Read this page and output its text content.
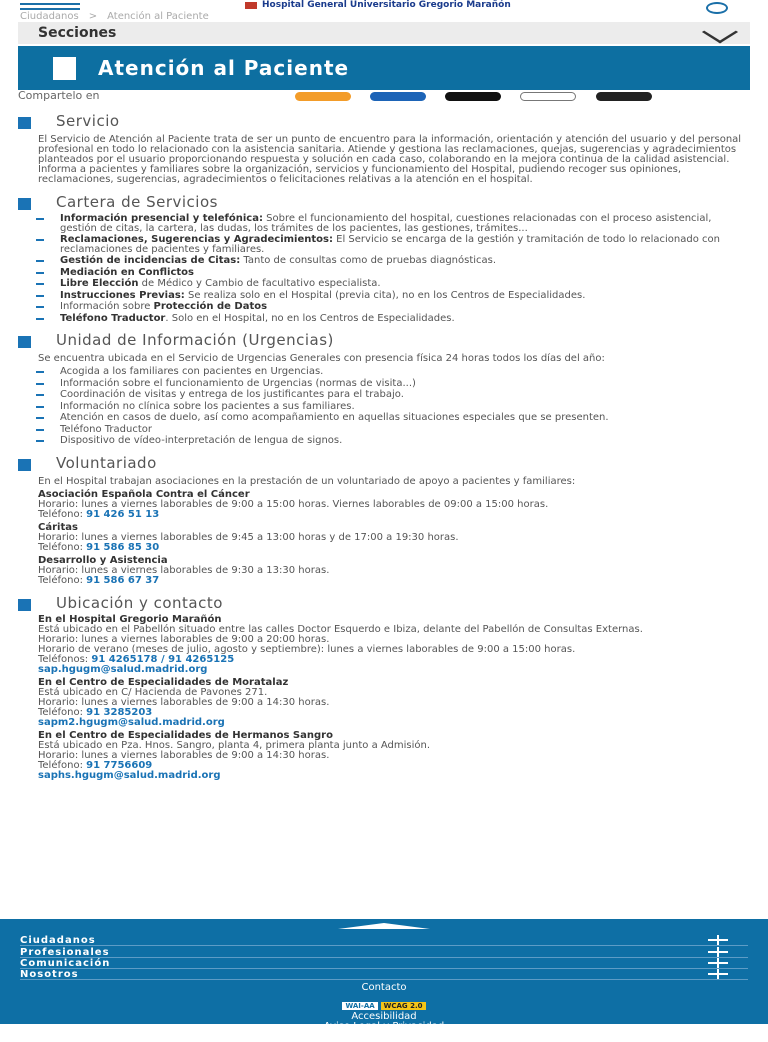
Hospital General Universitario Gregorio Marañón
Ciudadanos > Atención al Paciente
Secciones
Atención al Paciente
Compartelo en
Servicio
El Servicio de Atención al Paciente trata de ser un punto de encuentro para la información, orientación y atención del usuario y del personal profesional en todo lo relacionado con la asistencia sanitaria. Atiende y gestiona las reclamaciones, quejas, sugerencias y agradecimientos planteados por el usuario proporcionando respuesta y solución en cada caso, colaborando en la mejora continua de la calidad asistencial. Informa a pacientes y familiares sobre la organización, servicios y funcionamiento del Hospital, pudiendo recoger sus opiniones, reclamaciones, sugerencias, agradecimientos o felicitaciones relativas a la atención en el hospital.
Cartera de Servicios
Información presencial y telefónica: Sobre el funcionamiento del hospital, cuestiones relacionadas con el proceso asistencial, gestión de citas, la cartera, las dudas, los trámites de los pacientes, las gestiones, trámites...
Reclamaciones, Sugerencias y Agradecimientos: El Servicio se encarga de la gestión y tramitación de todo lo relacionado con reclamaciones de pacientes y familiares.
Gestión de incidencias de Citas: Tanto de consultas como de pruebas diagnósticas.
Mediación en Conflictos
Libre Elección de Médico y Cambio de facultativo especialista.
Instrucciones Previas: Se realiza solo en el Hospital (previa cita), no en los Centros de Especialidades.
Información sobre Protección de Datos
Teléfono Traductor. Solo en el Hospital, no en los Centros de Especialidades.
Unidad de Información (Urgencias)
Se encuentra ubicada en el Servicio de Urgencias Generales con presencia física 24 horas todos los días del año:
Acogida a los familiares con pacientes en Urgencias.
Información sobre el funcionamiento de Urgencias (normas de visita...)
Coordinación de visitas y entrega de los justificantes para el trabajo.
Información no clínica sobre los pacientes a sus familiares.
Atención en casos de duelo, así como acompañamiento en aquellas situaciones especiales que se presenten.
Teléfono Traductor
Dispositivo de vídeo-interpretación de lengua de signos.
Voluntariado
En el Hospital trabajan asociaciones en la prestación de un voluntariado de apoyo a pacientes y familiares:
Asociación Española Contra el Cáncer
Horario: lunes a viernes laborables de 9:00 a 15:00 horas. Viernes laborables de 09:00 a 15:00 horas.
Teléfono: 91 426 51 13
Cáritas
Horario: lunes a viernes laborables de 9:45 a 13:00 horas y de 17:00 a 19:30 horas.
Teléfono: 91 586 85 30
Desarrollo y Asistencia
Horario: lunes a viernes laborables de 9:30 a 13:30 horas.
Teléfono: 91 586 67 37
Ubicación y contacto
En el Hospital Gregorio Marañón
Está ubicado en el Pabellón situado entre las calles Doctor Esquerdo e Ibiza, delante del Pabellón de Consultas Externas.
Horario: lunes a viernes laborables de 9:00 a 20:00 horas.
Horario de verano (meses de julio, agosto y septiembre): lunes a viernes laborables de 9:00 a 15:00 horas.
Teléfonos: 91 4265178 / 91 4265125
sap.hgugm@salud.madrid.org
En el Centro de Especialidades de Moratalaz
Está ubicado en C/ Hacienda de Pavones 271.
Horario: lunes a viernes laborables de 9:00 a 14:30 horas.
Teléfono: 91 3285203
sapm2.hgugm@salud.madrid.org
En el Centro de Especialidades de Hermanos Sangro
Está ubicado en Pza. Hnos. Sangro, planta 4, primera planta junto a Admisión.
Horario: lunes a viernes laborables de 9:00 a 14:30 horas.
Teléfono: 91 7756609
saphs.hgugm@salud.madrid.org
Ciudadanos
Profesionales
Comunicación
Nosotros
Contacto
WAI-AA	WCAG 2.0
Accesibilidad
Aviso Legal y Privacidad
Mapa Web
